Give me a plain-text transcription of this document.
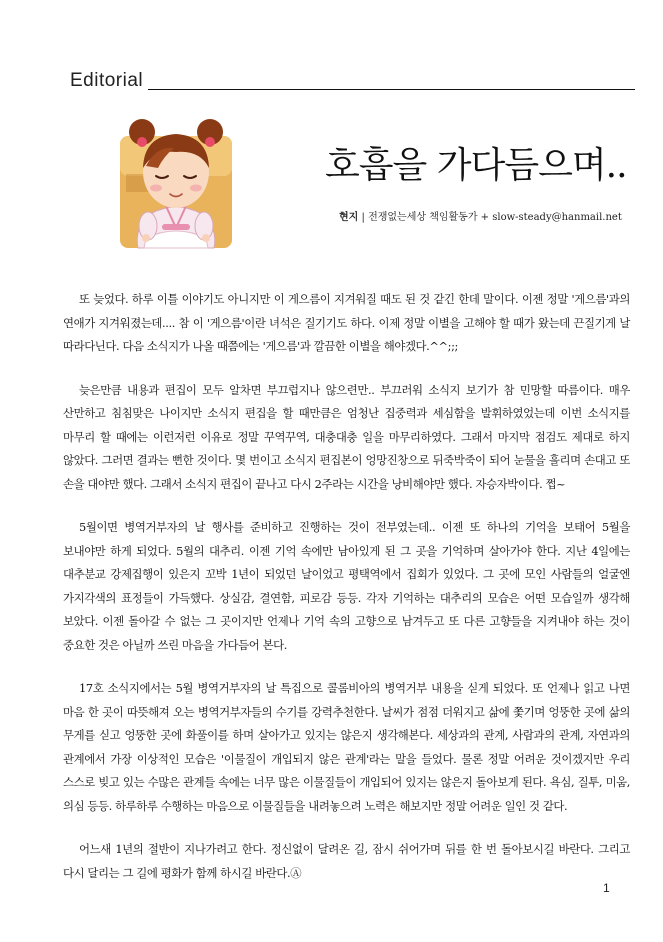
Editorial
호흡을 가다듬으며..
현지 | 전쟁없는세상 책임활동가 + slow-steady@hanmail.net

또 늦었다. 하루 이틀 이야기도 아니지만 이 게으름이 지겨워질 때도 된 것 같긴 한데 말이다. 이젠 정말 '게으름'과의 연애가 지겨워졌는데.... 참 이 '게으름'이란 녀석은 질기기도 하다. 이제 정말 이별을 고해야 할 때가 왔는데 끈질기게 날 따라다닌다. 다음 소식지가 나올 때쯤에는 '게으름'과 깔끔한 이별을 해야겠다.^^;;;

늦은만큼 내용과 편집이 모두 알차면 부끄럽지나 않으련만.. 부끄러워 소식지 보기가 참 민망할 따름이다. 매우 산만하고 침침맞은 나이지만 소식지 편집을 할 때만큼은 엄청난 집중력과 세심함을 발휘하였었는데 이번 소식지를 마무리 할 때에는 이런저런 이유로 정말 꾸역꾸역, 대충대충 일을 마무리하였다. 그래서 마지막 점검도 제대로 하지 않았다. 그러면 결과는 뻔한 것이다. 몇 번이고 소식지 편집본이 엉망진창으로 뒤죽박죽이 되어 눈물을 흘리며 손대고 또 손을 대야만 했다. 그래서 소식지 편집이 끝나고 다시 2주라는 시간을 낭비해야만 했다. 자승자박이다. 쩝~

5월이면 병역거부자의 날 행사를 준비하고 진행하는 것이 전부였는데.. 이젠 또 하나의 기억을 보태어 5월을 보내야만 하게 되었다. 5월의 대추리. 이젠 기억 속에만 남아있게 된 그 곳을 기억하며 살아가야 한다. 지난 4일에는 대추분교 강제집행이 있은지 꼬박 1년이 되었던 날이었고 평택역에서 집회가 있었다. 그 곳에 모인 사람들의 얼굴엔 가지각색의 표정들이 가득했다. 상실감, 결연함, 피로감 등등. 각자 기억하는 대추리의 모습은 어떤 모습일까 생각해 보았다. 이젠 돌아갈 수 없는 그 곳이지만 언제나 기억 속의 고향으로 남겨두고 또 다른 고향들을 지켜내야 하는 것이 중요한 것은 아닐까 쓰린 마음을 가다듬어 본다.

17호 소식지에서는 5월 병역거부자의 날 특집으로 콜롬비아의 병역거부 내용을 싣게 되었다. 또 언제나 읽고 나면 마음 한 곳이 따뜻해져 오는 병역거부자들의 수기를 강력추천한다. 날씨가 점점 더워지고 삶에 쫓기며 엉뚱한 곳에 삶의 무게를 싣고 엉뚱한 곳에 화풀이를 하며 살아가고 있지는 않은지 생각해본다. 세상과의 관계, 사람과의 관계, 자연과의 관계에서 가장 이상적인 모습은 '이물질이 개입되지 않은 관계'라는 말을 들었다. 물론 정말 어려운 것이겠지만 우리 스스로 빚고 있는 수많은 관계들 속에는 너무 많은 이물질들이 개입되어 있지는 않은지 돌아보게 된다. 욕심, 질투, 미움, 의심 등등. 하루하루 수행하는 마음으로 이물질들을 내려놓으려 노력은 해보지만 정말 어려운 일인 것 같다.

어느새 1년의 절반이 지나가려고 한다. 정신없이 달려온 길, 잠시 쉬어가며 뒤를 한 번 돌아보시길 바란다. 그리고 다시 달리는 그 길에 평화가 함께 하시길 바란다.Ⓐ

1
